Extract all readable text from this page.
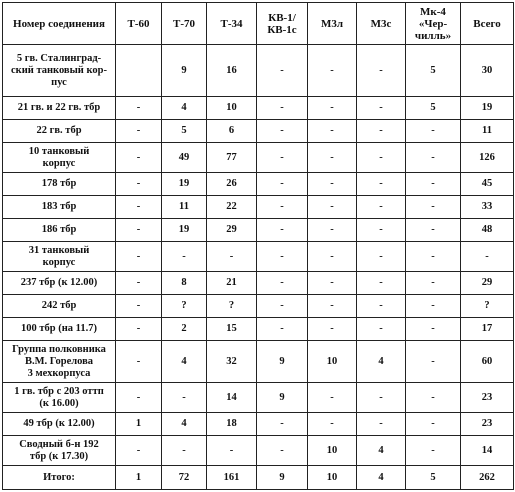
Номер соединения	Т-60	Т-70	Т-34	КВ-1/
КВ-1с	М3л	М3с	Мк-4
«Чер-
чилль»	Всего

5 гв. Сталинград-
ский танковый кор-
пус		9	16	-	-	-	5	30

21 гв. и 22 гв. тбр	-	4	10	-	-	-	5	19

22 гв. тбр	-	5	6	-	-	-	-	11

10 танковый
корпус	-	49	77	-	-	-	-	126

178 тбр	-	19	26	-	-	-	-	45

183 тбр	-	11	22	-	-	-	-	33

186 тбр	-	19	29	-	-	-	-	48

31 танковый
корпус	-	-	-	-	-	-	-	-

237 тбр (к 12.00)	-	8	21	-	-	-	-	29

242 тбр	-	?	?	-	-	-	-	?

100 тбр (на 11.7)	-	2	15	-	-	-	-	17

Группа полковника
В.М. Горелова
3 мехкорпуса	-	4	32	9	10	4	-	60

1 гв. тбр с 203 оттп
(к 16.00)	-	-	14	9	-	-	-	23

49 тбр (к 12.00)	1	4	18	-	-	-	-	23

Сводный б-н 192
тбр (к 17.30)	-	-	-	-	10	4	-	14

Итого:	1	72	161	9	10	4	5	262
